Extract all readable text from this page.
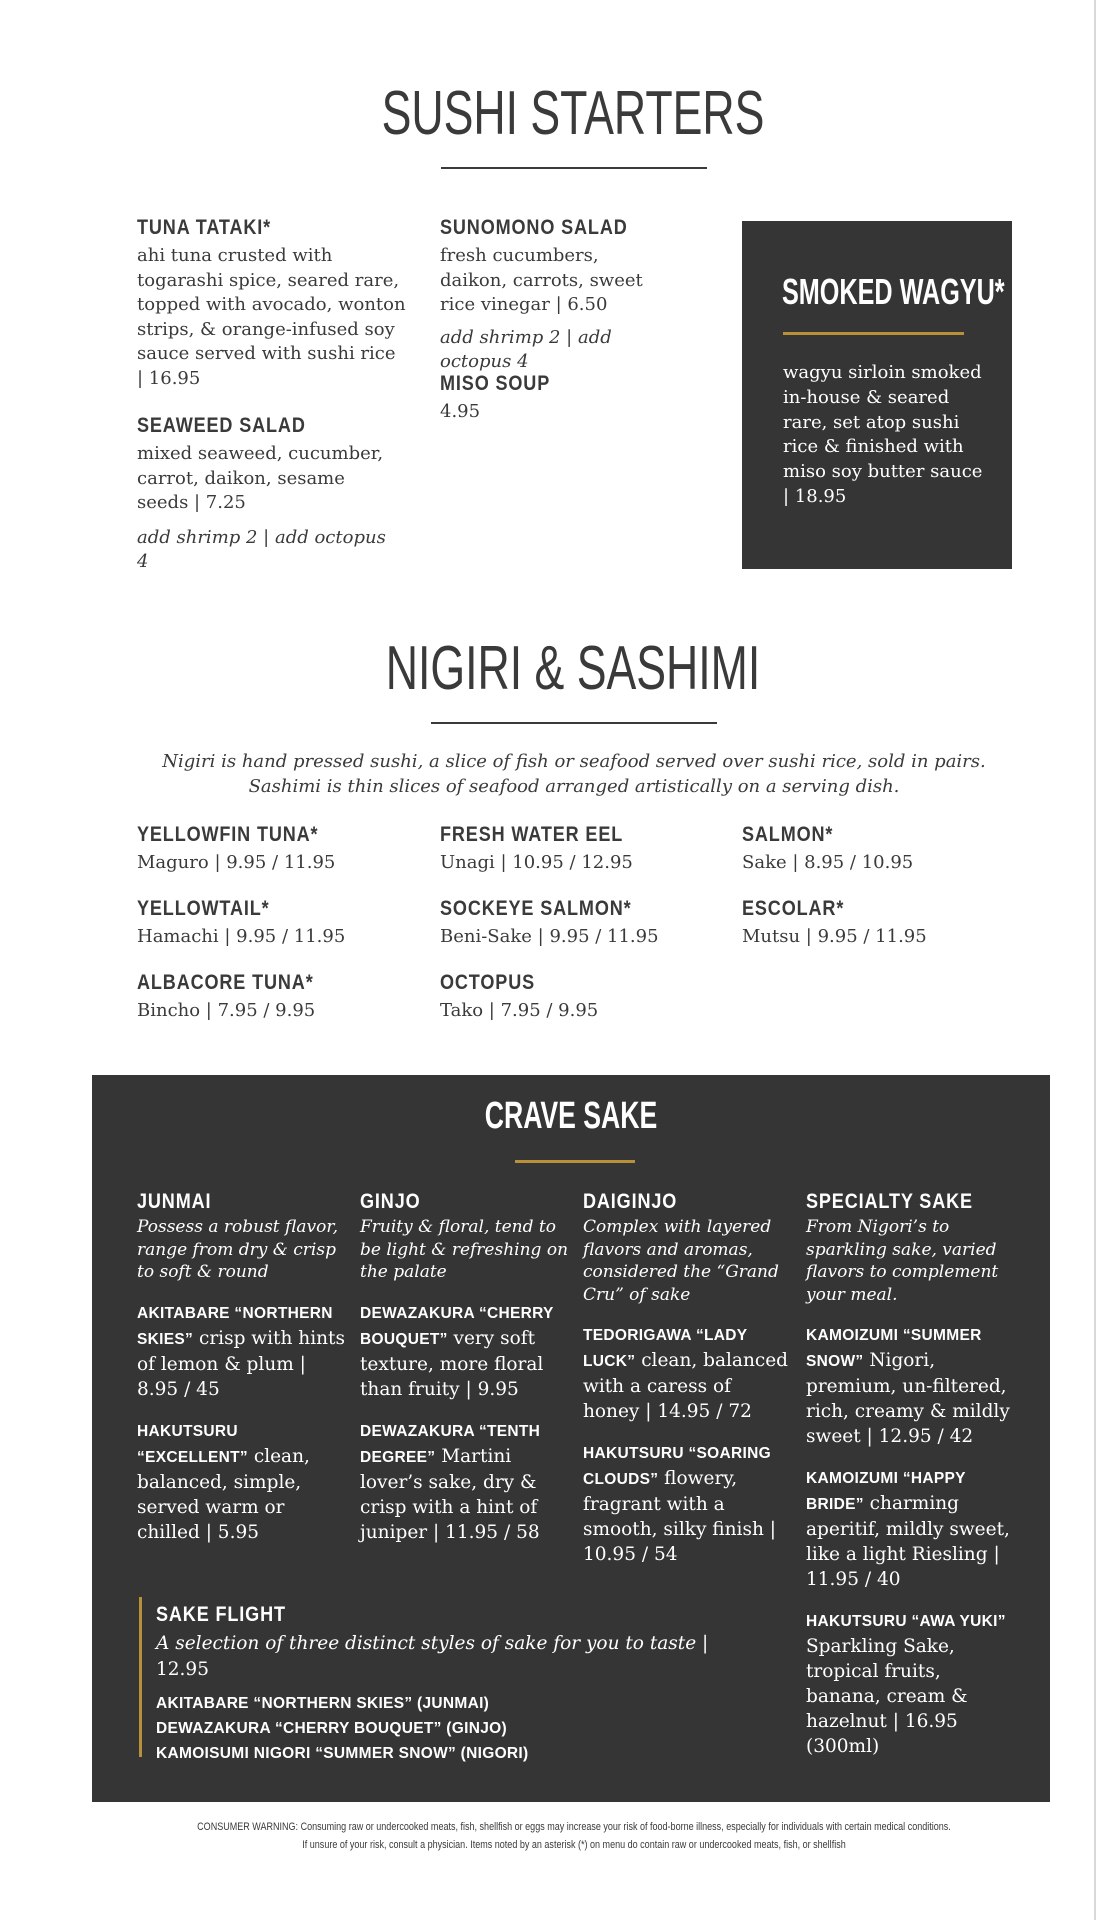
SUSHI STARTERS
TUNA TATAKI*

ahi tuna crusted with togarashi spice, seared rare, topped with avocado, wonton strips, & orange-infused soy sauce served with sushi rice | 16.95

SEAWEED SALAD

mixed seaweed, cucumber, carrot, daikon, sesame seeds | 7.25

add shrimp 2 | add octopus 4

SUNOMONO SALAD

fresh cucumbers, daikon, carrots, sweet rice vinegar | 6.50

add shrimp 2 | add octopus 4

MISO SOUP

4.95

SMOKED WAGYU*

wagyu sirloin smoked in-house & seared rare, set atop sushi rice & finished with miso soy butter sauce | 18.95

NIGIRI & SASHIMI

Nigiri is hand pressed sushi, a slice of fish or seafood served over sushi rice, sold in pairs.

Sashimi is thin slices of seafood arranged artistically on a serving dish.

YELLOWFIN TUNA*

Maguro | 9.95 / 11.95

YELLOWTAIL*

Hamachi | 9.95 / 11.95

ALBACORE TUNA*

Bincho | 7.95 / 9.95

FRESH WATER EEL

Unagi | 10.95 / 12.95

SOCKEYE SALMON*

Beni-Sake | 9.95 / 11.95

OCTOPUS

Tako | 7.95 / 9.95

SALMON*

Sake | 8.95 / 10.95

ESCOLAR*

Mutsu | 9.95 / 11.95

CRAVE SAKE
JUNMAI

Possess a robust flavor, range from dry & crisp to soft & round

AKITABARE “NORTHERN SKIES” crisp with hints of lemon & plum | 8.95 / 45

HAKUTSURU “EXCELLENT” clean, balanced, simple, served warm or chilled | 5.95

GINJO

Fruity & floral, tend to be light & refreshing on the palate

DEWAZAKURA “CHERRY BOUQUET” very soft texture, more floral than fruity | 9.95

DEWAZAKURA “TENTH DEGREE” Martini lover’s sake, dry & crisp with a hint of juniper | 11.95 / 58

DAIGINJO

Complex with layered flavors and aromas, considered the “Grand Cru” of sake

TEDORIGAWA “LADY LUCK” clean, balanced with a caress of honey | 14.95 / 72

HAKUTSURU “SOARING CLOUDS” flowery, fragrant with a smooth, silky finish | 10.95 / 54

SPECIALTY SAKE

From Nigori’s to sparkling sake, varied flavors to complement your meal.

KAMOIZUMI “SUMMER SNOW” Nigori, premium, un-filtered, rich, creamy & mildly sweet | 12.95 / 42

KAMOIZUMI “HAPPY BRIDE” charming aperitif, mildly sweet, like a light Riesling | 11.95 / 40

HAKUTSURU “AWA YUKI” Sparkling Sake, tropical fruits, banana, cream & hazelnut | 16.95 (300ml)

SAKE FLIGHT

A selection of three distinct styles of sake for you to taste | 12.95

AKITABARE “NORTHERN SKIES” (JUNMAI)
DEWAZAKURA “CHERRY BOUQUET” (GINJO)
KAMOISUMI NIGORI “SUMMER SNOW” (NIGORI)

CONSUMER WARNING: Consuming raw or undercooked meats, fish, shellfish or eggs may increase your risk of food-borne illness, especially for individuals with certain medical conditions.

If unsure of your risk, consult a physician. Items noted by an asterisk (*) on menu do contain raw or undercooked meats, fish, or shellfish
